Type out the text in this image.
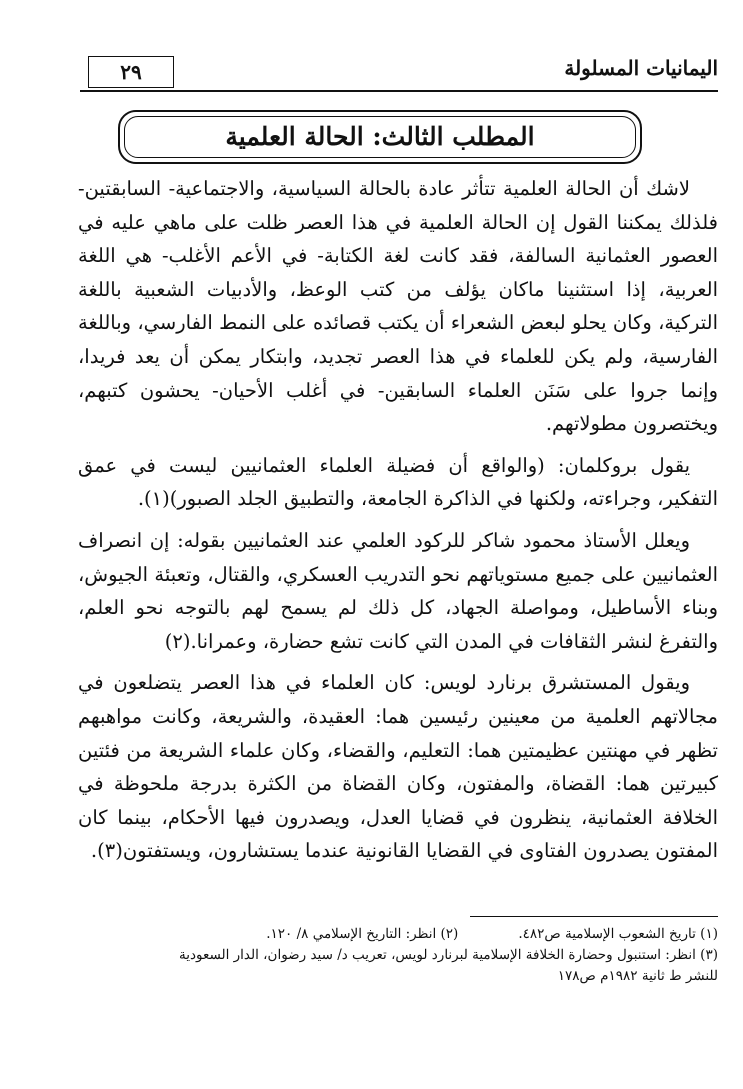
٢٩	اليمانيات المسلولة
المطلب الثالث: الحالة العلمية

لاشك أن الحالة العلمية تتأثر عادة بالحالة السياسية، والاجتماعية- السابقتين- فلذلك يمكننا القول إن الحالة العلمية في هذا العصر ظلت على ماهي عليه في العصور العثمانية السالفة، فقد كانت لغة الكتابة- في الأعم الأغلب- هي اللغة العربية، إذا استثنينا ماكان يؤلف من كتب الوعظ، والأدبيات الشعبية باللغة التركية، وكان يحلو لبعض الشعراء أن يكتب قصائده على النمط الفارسي، وباللغة الفارسية، ولم يكن للعلماء في هذا العصر تجديد، وابتكار يمكن أن يعد فريدا، وإنما جروا على سَنَن العلماء السابقين- في أغلب الأحيان- يحشون كتبهم، ويختصرون مطولاتهم.

يقول بروكلمان: (والواقع أن فضيلة العلماء العثمانيين ليست في عمق التفكير، وجراءته، ولكنها في الذاكرة الجامعة، والتطبيق الجلد الصبور)(١).

ويعلل الأستاذ محمود شاكر للركود العلمي عند العثمانيين بقوله: إن انصراف العثمانيين على جميع مستوياتهم نحو التدريب العسكري، والقتال، وتعبئة الجيوش، وبناء الأساطيل، ومواصلة الجهاد، كل ذلك لم يسمح لهم بالتوجه نحو العلم، والتفرغ لنشر الثقافات في المدن التي كانت تشع حضارة، وعمرانا.(٢)

ويقول المستشرق برنارد لويس: كان العلماء في هذا العصر يتضلعون في مجالاتهم العلمية من معينين رئيسين هما: العقيدة، والشريعة، وكانت مواهبهم تظهر في مهنتين عظيمتين هما: التعليم، والقضاء، وكان علماء الشريعة من فئتين كبيرتين هما: القضاة، والمفتون، وكان القضاة من الكثرة بدرجة ملحوظة في الخلافة العثمانية، ينظرون في قضايا العدل، ويصدرون فيها الأحكام، بينما كان المفتون يصدرون الفتاوى في القضايا القانونية عندما يستشارون، ويستفتون(٣).

(١) تاريخ الشعوب الإسلامية ص٤٨٢.
(٢) انظر: التاريخ الإسلامي ٨/ ١٢٠.
(٣) انظر: استنبول وحضارة الخلافة الإسلامية لبرنارد لويس، تعريب د/ سيد رضوان، الدار السعودية
للنشر ط ثانية ١٩٨٢م ص١٧٨
